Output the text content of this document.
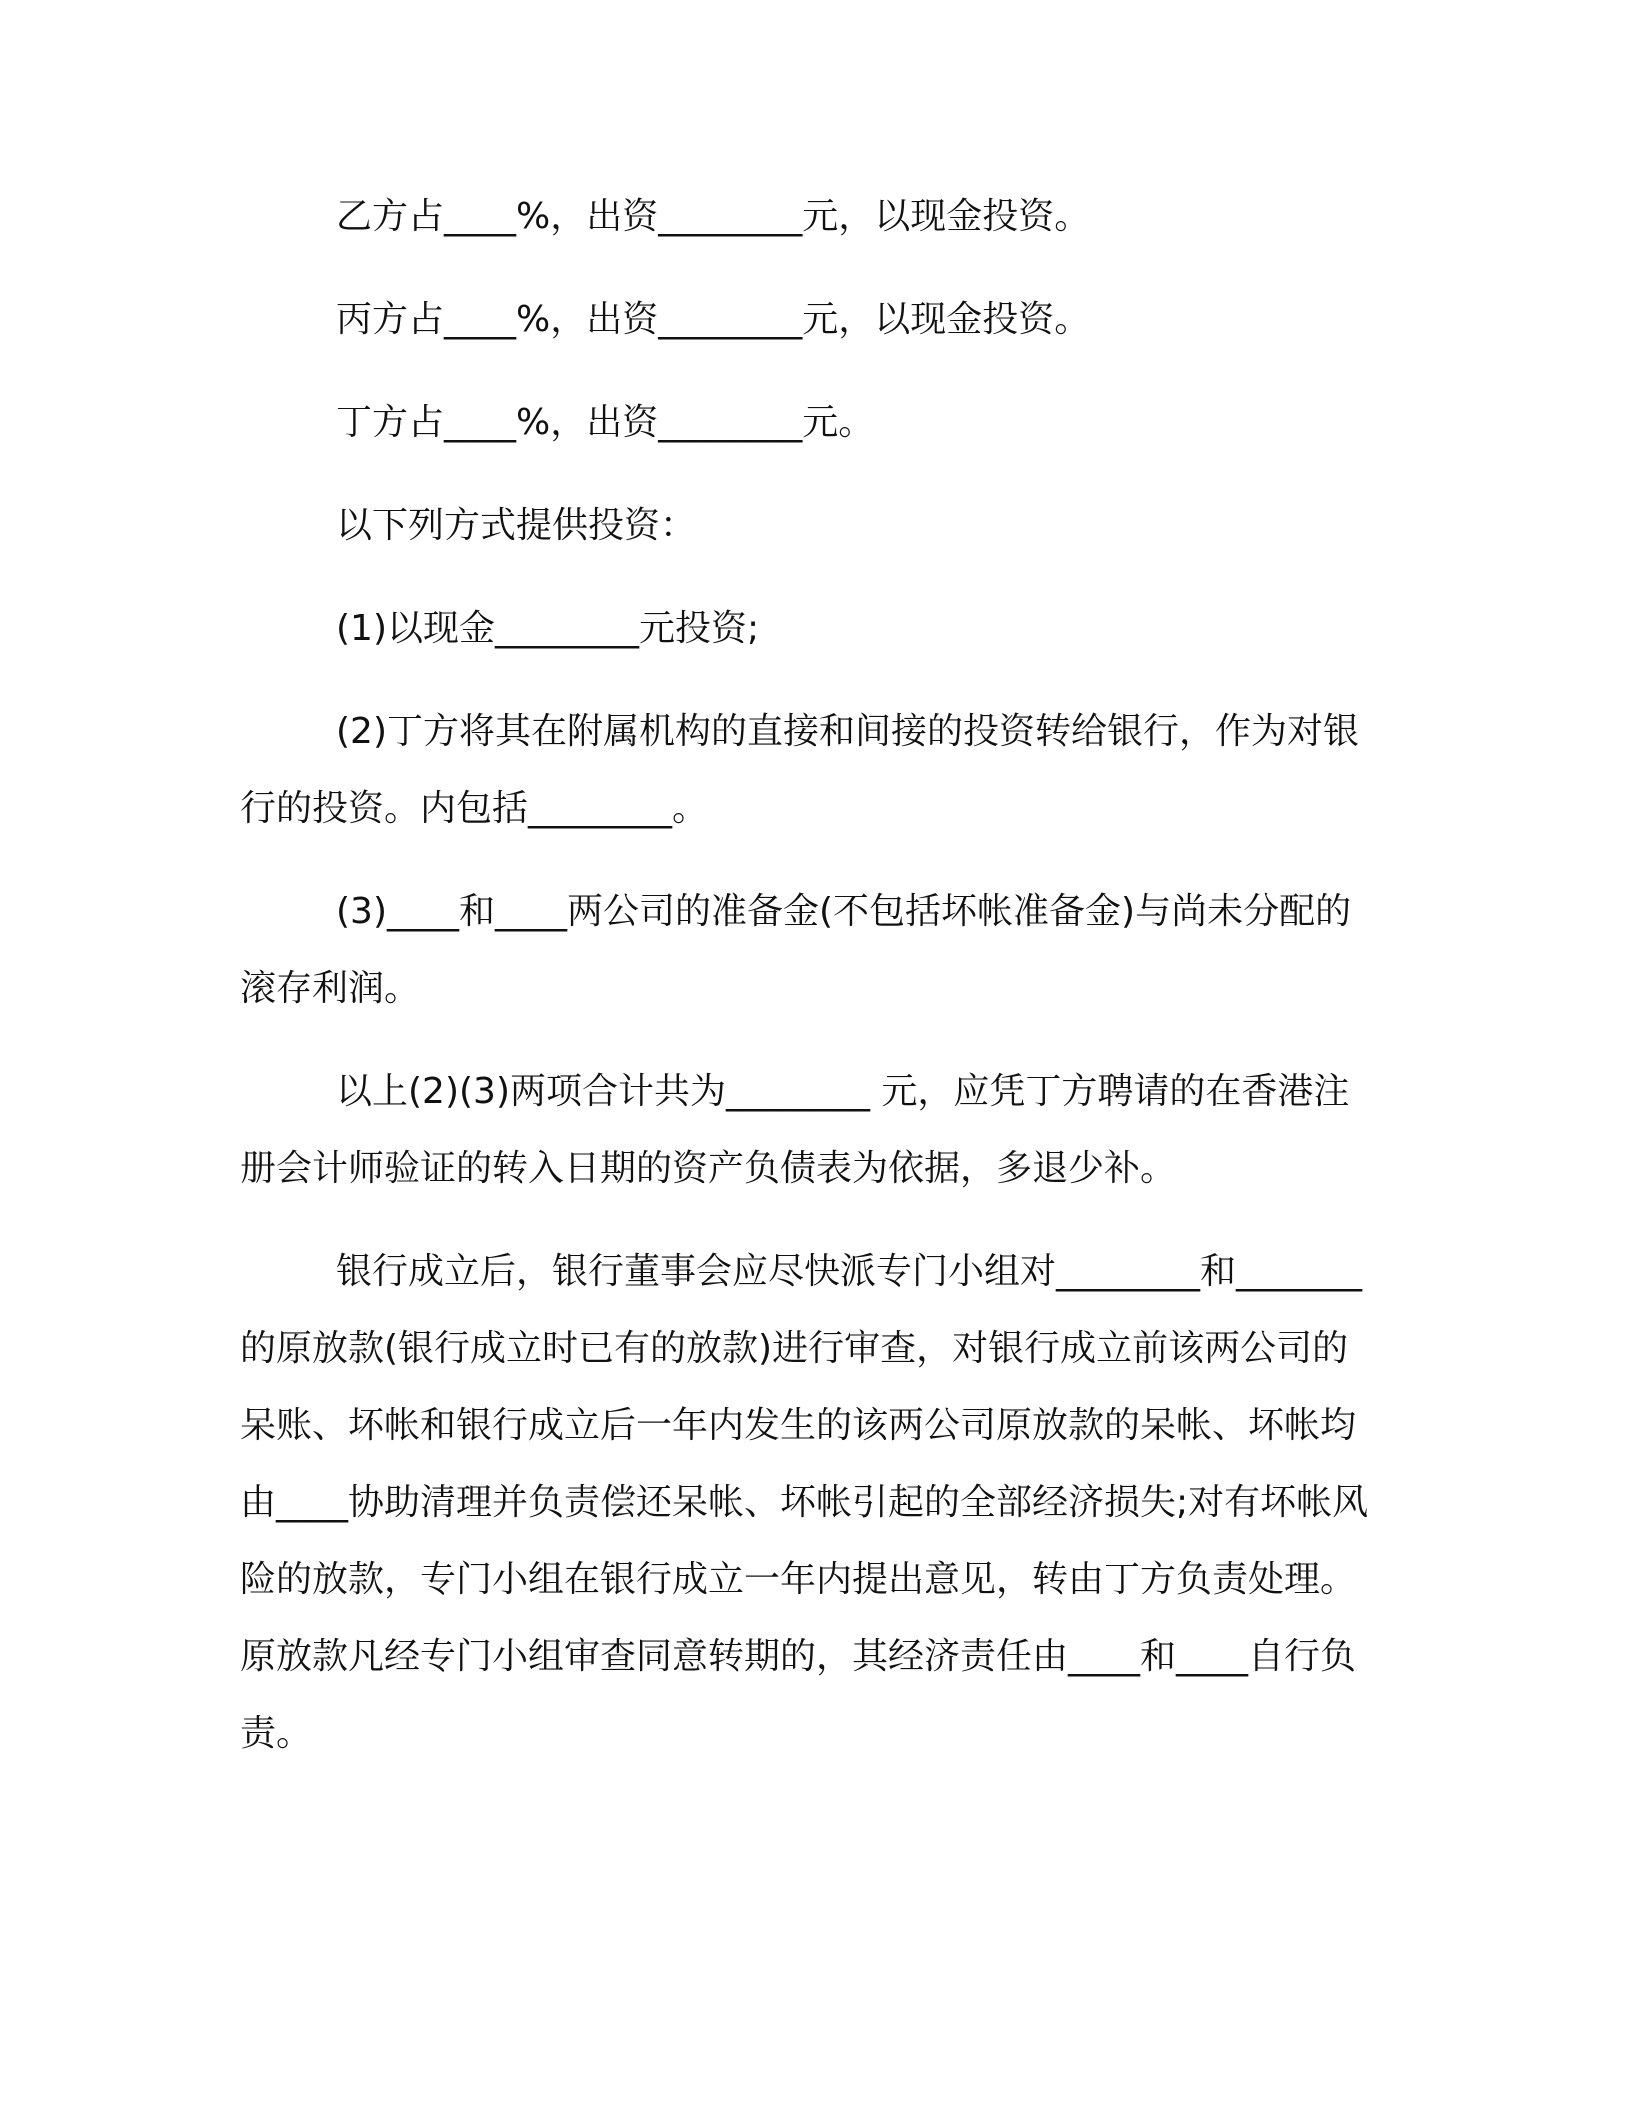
乙方占____%，出资________元，以现金投资。

丙方占____%，出资________元，以现金投资。

丁方占____%，出资________元。

以下列方式提供投资：

(1)以现金________元投资;

(2)丁方将其在附属机构的直接和间接的投资转给银行，作为对银行的投资。内包括________。

(3)____和____两公司的准备金(不包括坏帐准备金)与尚未分配的滚存利润。

以上(2)(3)两项合计共为________ 元，应凭丁方聘请的在香港注册会计师验证的转入日期的资产负债表为依据，多退少补。

银行成立后，银行董事会应尽快派专门小组对________和_______的原放款(银行成立时已有的放款)进行审查，对银行成立前该两公司的呆账、坏帐和银行成立后一年内发生的该两公司原放款的呆帐、坏帐均由____协助清理并负责偿还呆帐、坏帐引起的全部经济损失;对有坏帐风险的放款，专门小组在银行成立一年内提出意见，转由丁方负责处理。原放款凡经专门小组审查同意转期的，其经济责任由____和____自行负责。
